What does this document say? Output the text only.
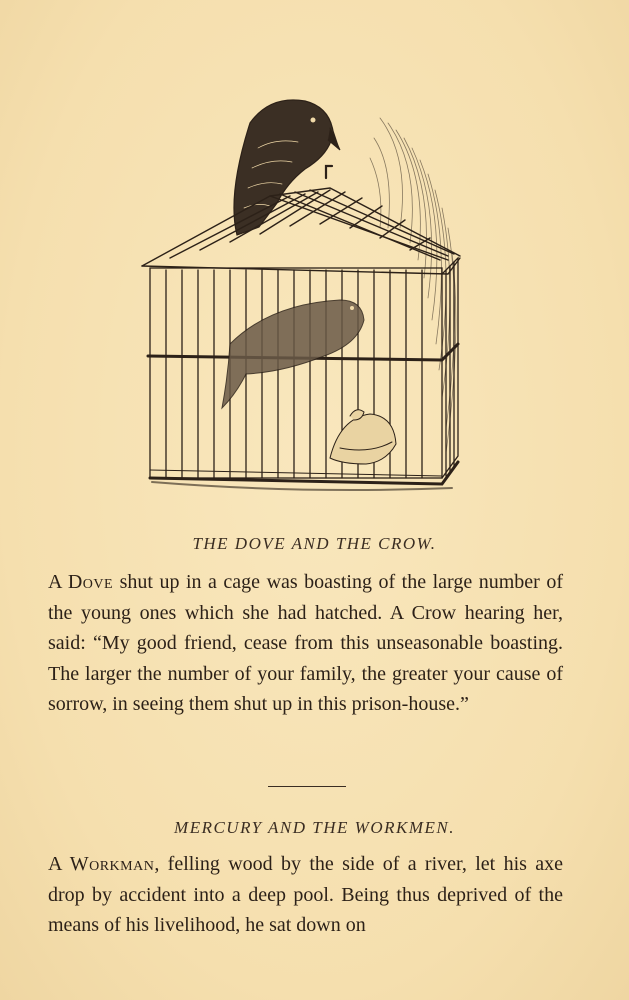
THE DOVE AND THE CROW.
A Dove shut up in a cage was boasting of the large number of the young ones which she had hatched. A Crow hearing her, said: “My good friend, cease from this unseasonable boasting. The larger the number of your family, the greater your cause of sorrow, in seeing them shut up in this prison-house.”
MERCURY AND THE WORKMEN.
A Workman, felling wood by the side of a river, let his axe drop by accident into a deep pool. Being thus deprived of the means of his livelihood, he sat down on
